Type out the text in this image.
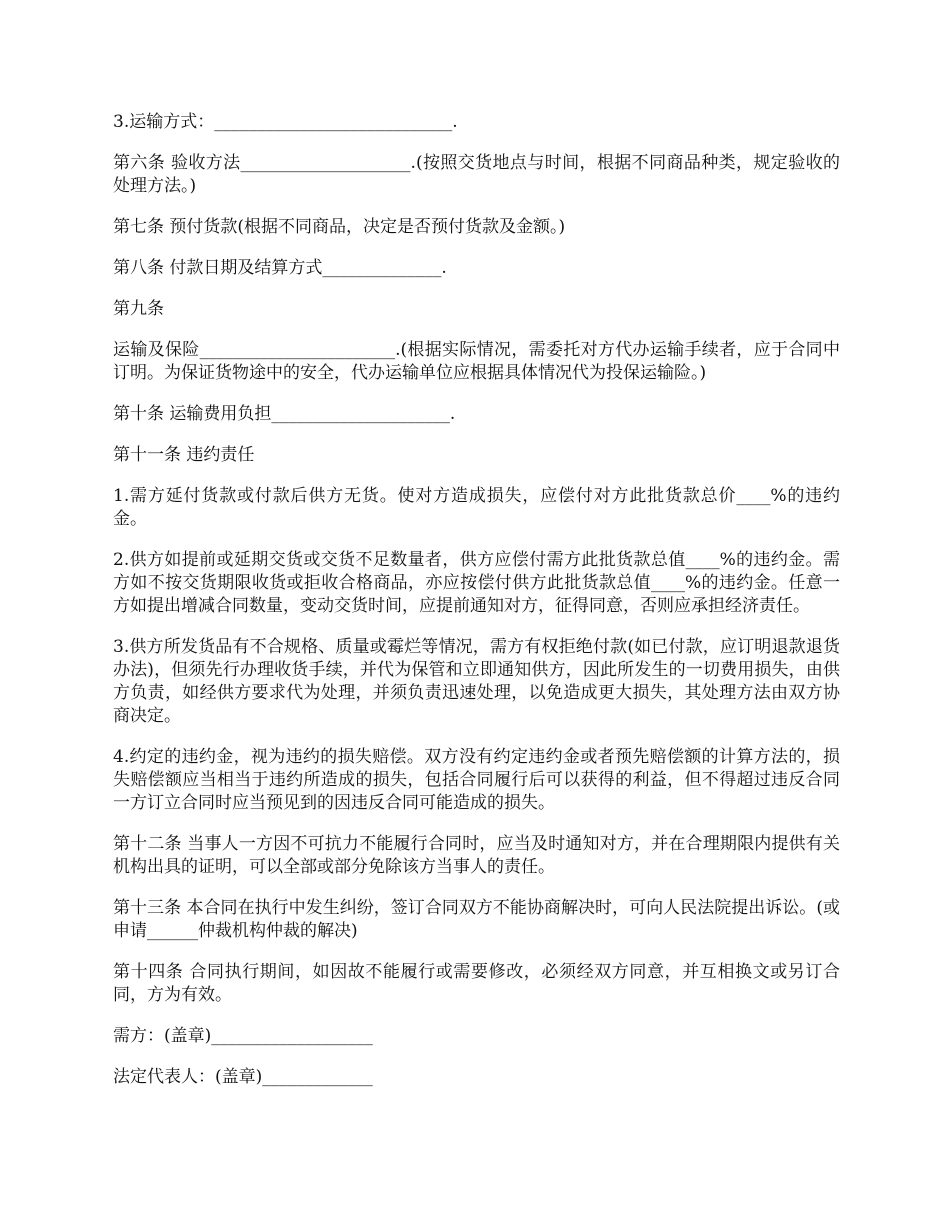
3.运输方式：____________________________.

第六条 验收方法____________________.(按照交货地点与时间，根据不同商品种类，规定验收的处理方法。)

第七条 预付货款(根据不同商品，决定是否预付货款及金额。)

第八条 付款日期及结算方式______________.

第九条

运输及保险_______________________.(根据实际情况，需委托对方代办运输手续者，应于合同中订明。为保证货物途中的安全，代办运输单位应根据具体情况代为投保运输险。)

第十条 运输费用负担_____________________.

第十一条 违约责任

1.需方延付货款或付款后供方无货。使对方造成损失，应偿付对方此批货款总价____%的违约金。

2.供方如提前或延期交货或交货不足数量者，供方应偿付需方此批货款总值____%的违约金。需方如不按交货期限收货或拒收合格商品，亦应按偿付供方此批货款总值____%的违约金。任意一方如提出增减合同数量，变动交货时间，应提前通知对方，征得同意，否则应承担经济责任。

3.供方所发货品有不合规格、质量或霉烂等情况，需方有权拒绝付款(如已付款，应订明退款退货办法)，但须先行办理收货手续，并代为保管和立即通知供方，因此所发生的一切费用损失，由供方负责，如经供方要求代为处理，并须负责迅速处理，以免造成更大损失，其处理方法由双方协商决定。

4.约定的违约金，视为违约的损失赔偿。双方没有约定违约金或者预先赔偿额的计算方法的，损失赔偿额应当相当于违约所造成的损失，包括合同履行后可以获得的利益，但不得超过违反合同一方订立合同时应当预见到的因违反合同可能造成的损失。

第十二条 当事人一方因不可抗力不能履行合同时，应当及时通知对方，并在合理期限内提供有关机构出具的证明，可以全部或部分免除该方当事人的责任。

第十三条 本合同在执行中发生纠纷，签订合同双方不能协商解决时，可向人民法院提出诉讼。(或申请______仲裁机构仲裁的解决)

第十四条 合同执行期间，如因故不能履行或需要修改，必须经双方同意，并互相换文或另订合同，方为有效。

需方：(盖章)___________________

法定代表人：(盖章)_____________
